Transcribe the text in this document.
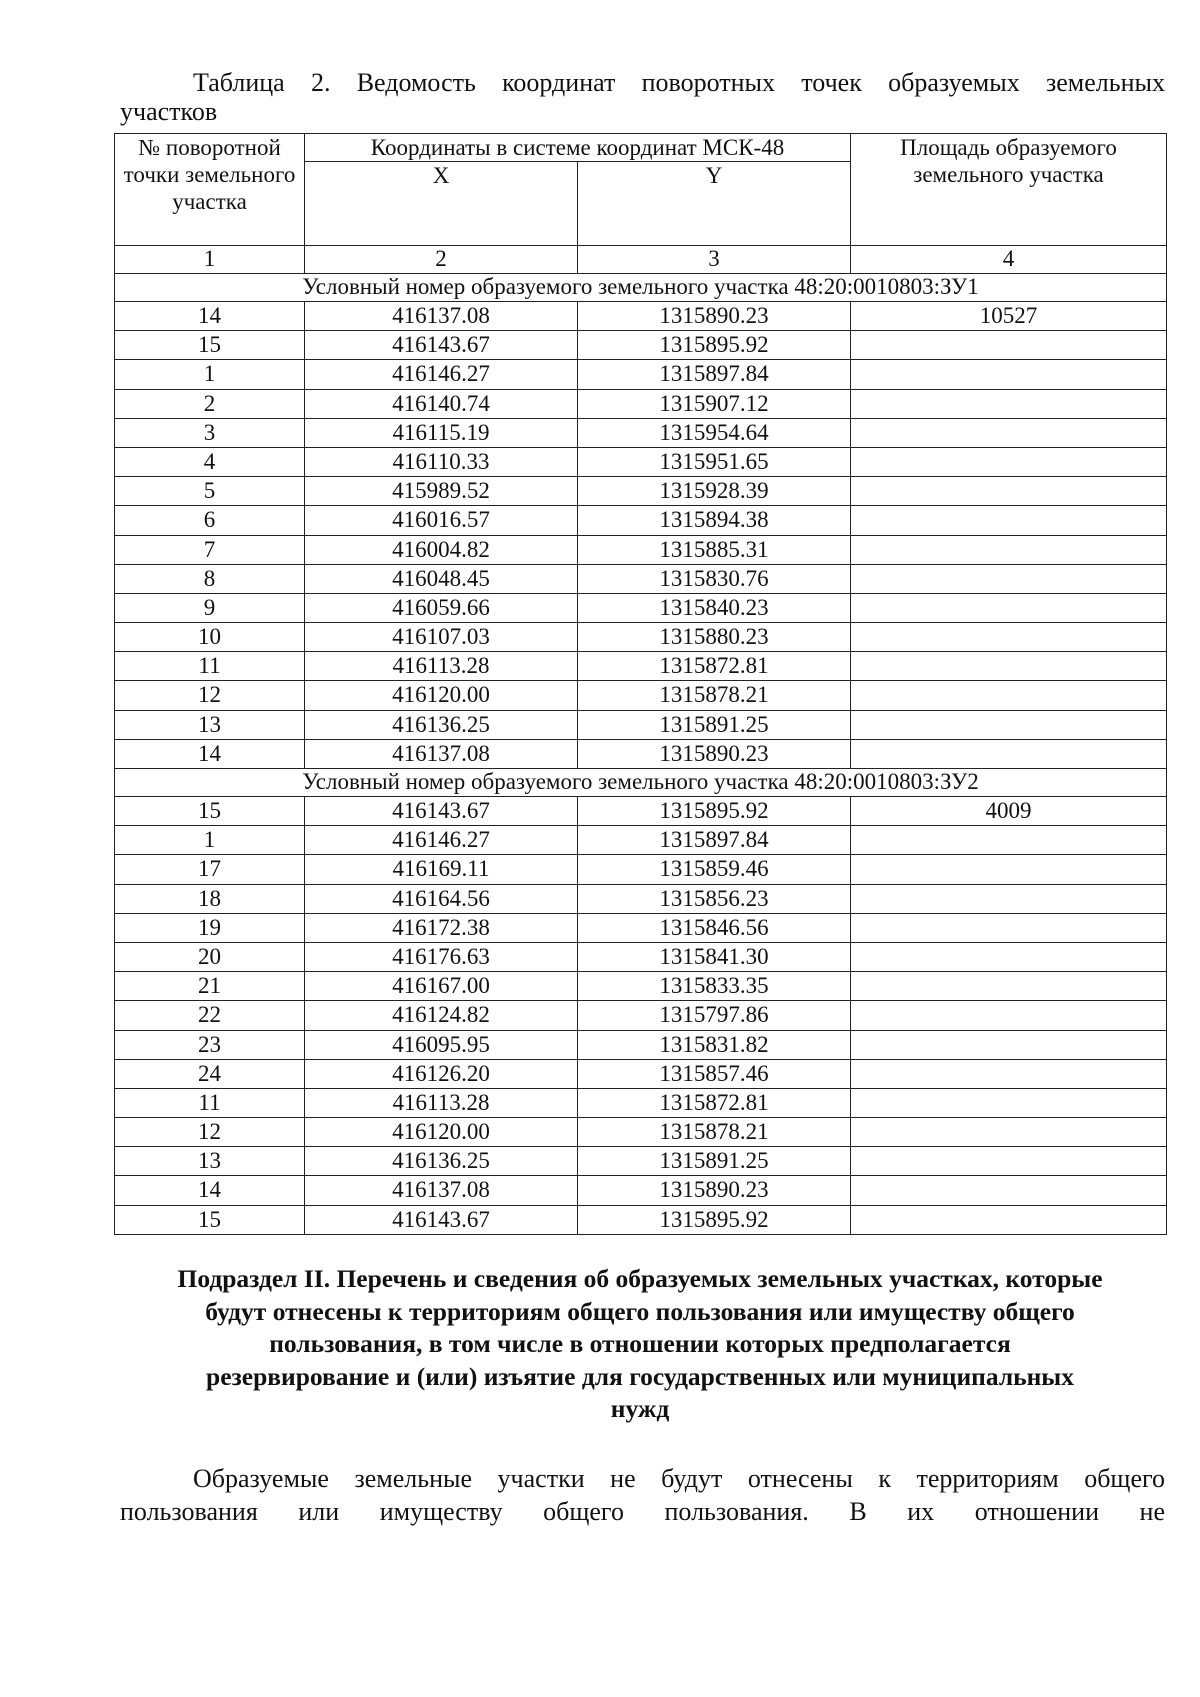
Таблица 2. Ведомость координат поворотных точек образуемых земельных
участков
№ поворотной точки земельного участка	Координаты в системе координат МСК-48		Площадь образуемого земельного участка
	X	Y	
1	2	3	4
Условный номер образуемого земельного участка 48:20:0010803:ЗУ1			
14	416137.08	1315890.23	10527
15	416143.67	1315895.92	
1	416146.27	1315897.84	
2	416140.74	1315907.12	
3	416115.19	1315954.64	
4	416110.33	1315951.65	
5	415989.52	1315928.39	
6	416016.57	1315894.38	
7	416004.82	1315885.31	
8	416048.45	1315830.76	
9	416059.66	1315840.23	
10	416107.03	1315880.23	
11	416113.28	1315872.81	
12	416120.00	1315878.21	
13	416136.25	1315891.25	
14	416137.08	1315890.23	
Условный номер образуемого земельного участка 48:20:0010803:ЗУ2			
15	416143.67	1315895.92	4009
1	416146.27	1315897.84	
17	416169.11	1315859.46	
18	416164.56	1315856.23	
19	416172.38	1315846.56	
20	416176.63	1315841.30	
21	416167.00	1315833.35	
22	416124.82	1315797.86	
23	416095.95	1315831.82	
24	416126.20	1315857.46	
11	416113.28	1315872.81	
12	416120.00	1315878.21	
13	416136.25	1315891.25	
14	416137.08	1315890.23	
15	416143.67	1315895.92	
Подраздел II. Перечень и сведения об образуемых земельных участках, которые
будут отнесены к территориям общего пользования или имуществу общего
пользования, в том числе в отношении которых предполагается
резервирование и (или) изъятие для государственных или муниципальных
нужд
Образуемые земельные участки не будут отнесены к территориям общего
пользования или имуществу общего пользования. В их отношении не
